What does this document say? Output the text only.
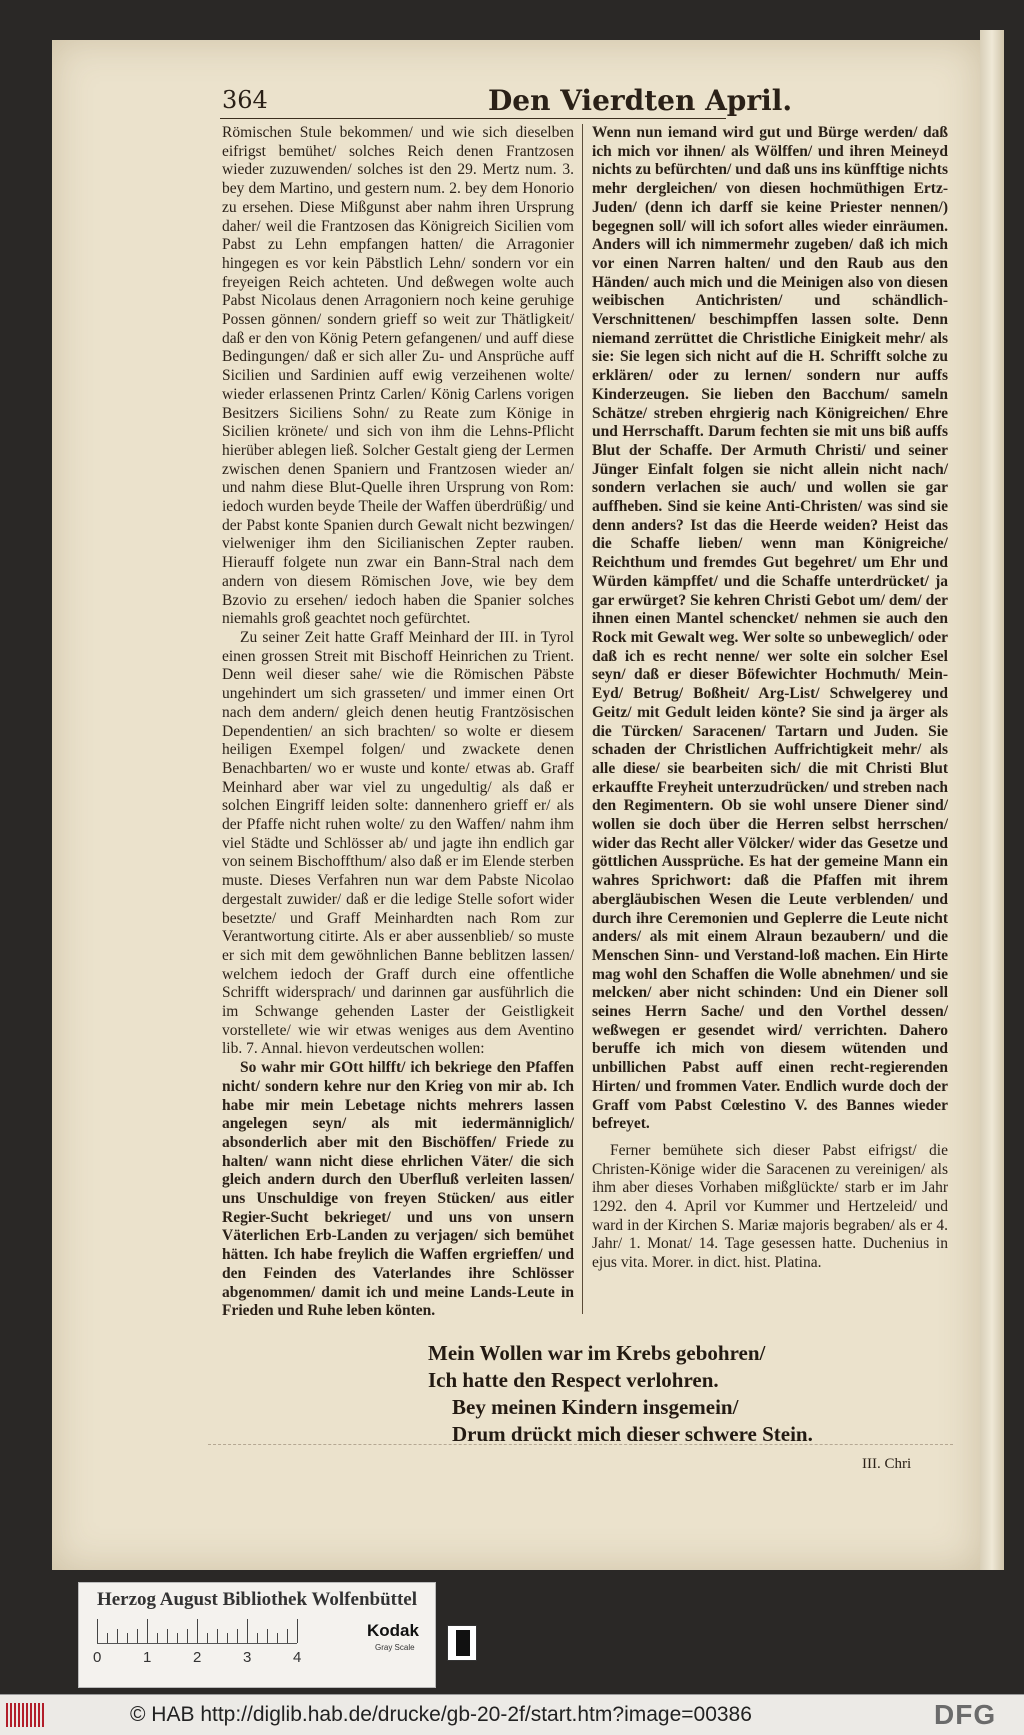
364	Den Vierdten April.

Römischen Stule bekommen/ und wie sich dieselben eifrigst bemühet/ solches Reich denen Frantzosen wieder zuzuwenden/ solches ist den 29. Mertz num. 3. bey dem Martino, und gestern num. 2. bey dem Honorio zu ersehen. Diese Mißgunst aber nahm ihren Ursprung daher/ weil die Frantzosen das Königreich Sicilien vom Pabst zu Lehn empfangen hatten/ die Arragonier hingegen es vor kein Päbstlich Lehn/ sondern vor ein freyeigen Reich achteten. Und deßwegen wolte auch Pabst Nicolaus denen Arragoniern noch keine geruhige Possen gönnen/ sondern grieff so weit zur Thätligkeit/ daß er den von König Petern gefangenen/ und auff diese Bedingungen/ daß er sich aller Zu- und Ansprüche auff Sicilien und Sardinien auff ewig verzeihenen wolte/ wieder erlassenen Printz Carlen/ König Carlens vorigen Besitzers Siciliens Sohn/ zu Reate zum Könige in Sicilien krönete/ und sich von ihm die Lehns-Pflicht hierüber ablegen ließ. Solcher Gestalt gieng der Lermen zwischen denen Spaniern und Frantzosen wieder an/ und nahm diese Blut-Quelle ihren Ursprung von Rom: iedoch wurden beyde Theile der Waffen überdrüßig/ und der Pabst konte Spanien durch Gewalt nicht bezwingen/ vielweniger ihm den Sicilianischen Zepter rauben. Hierauff folgete nun zwar ein Bann-Stral nach dem andern von diesem Römischen Jove, wie bey dem Bzovio zu ersehen/ iedoch haben die Spanier solches niemahls groß geachtet noch gefürchtet.

Zu seiner Zeit hatte Graff Meinhard der III. in Tyrol einen grossen Streit mit Bischoff Heinrichen zu Trient. Denn weil dieser sahe/ wie die Römischen Päbste ungehindert um sich grasseten/ und immer einen Ort nach dem andern/ gleich denen heutig Frantzösischen Dependentien/ an sich brachten/ so wolte er diesem heiligen Exempel folgen/ und zwackete denen Benachbarten/ wo er wuste und konte/ etwas ab. Graff Meinhard aber war viel zu ungedultig/ als daß er solchen Eingriff leiden solte: dannenhero grieff er/ als der Pfaffe nicht ruhen wolte/ zu den Waffen/ nahm ihm viel Städte und Schlösser ab/ und jagte ihn endlich gar von seinem Bischoffthum/ also daß er im Elende sterben muste. Dieses Verfahren nun war dem Pabste Nicolao dergestalt zuwider/ daß er die ledige Stelle sofort wider besetzte/ und Graff Meinhardten nach Rom zur Verantwortung citirte. Als er aber aussenblieb/ so muste er sich mit dem gewöhnlichen Banne beblitzen lassen/ welchem iedoch der Graff durch eine offentliche Schrifft widersprach/ und darinnen gar ausführlich die im Schwange gehenden Laster der Geistligkeit vorstellete/ wie wir etwas weniges aus dem Aventino lib. 7. Annal. hievon verdeutschen wollen:

So wahr mir GOtt hilfft/ ich bekriege den Pfaffen nicht/ sondern kehre nur den Krieg von mir ab. Ich habe mir mein Lebetage nichts mehrers lassen angelegen seyn/ als mit iedermänniglich/ absonderlich aber mit den Bischöffen/ Friede zu halten/ wann nicht diese ehrlichen Väter/ die sich gleich andern durch den Uberfluß verleiten lassen/ uns Unschuldige von freyen Stücken/ aus eitler Regier-Sucht bekrieget/ und uns von unsern Väterlichen Erb-Landen zu verjagen/ sich bemühet hätten. Ich habe freylich die Waffen ergrieffen/ und den Feinden des Vaterlandes ihre Schlösser abgenommen/ damit ich und meine Lands-Leute in Frieden und Ruhe leben könten.

Wenn nun iemand wird gut und Bürge werden/ daß ich mich vor ihnen/ als Wölffen/ und ihren Meineyd nichts zu befürchten/ und daß uns ins künfftige nichts mehr dergleichen/ von diesen hochmüthigen Ertz-Juden/ (denn ich darff sie keine Priester nennen/) begegnen soll/ will ich sofort alles wieder einräumen. Anders will ich nimmermehr zugeben/ daß ich mich vor einen Narren halten/ und den Raub aus den Händen/ auch mich und die Meinigen also von diesen weibischen Antichristen/ und schändlich-Verschnittenen/ beschimpffen lassen solte. Denn niemand zerrüttet die Christliche Einigkeit mehr/ als sie: Sie legen sich nicht auf die H. Schrifft solche zu erklären/ oder zu lernen/ sondern nur auffs Kinderzeugen. Sie lieben den Bacchum/ sameln Schätze/ streben ehrgierig nach Königreichen/ Ehre und Herrschafft. Darum fechten sie mit uns biß auffs Blut der Schaffe. Der Armuth Christi/ und seiner Jünger Einfalt folgen sie nicht allein nicht nach/ sondern verlachen sie auch/ und wollen sie gar auffheben. Sind sie keine Anti-Christen/ was sind sie denn anders? Ist das die Heerde weiden? Heist das die Schaffe lieben/ wenn man Königreiche/ Reichthum und fremdes Gut begehret/ um Ehr und Würden kämpffet/ und die Schaffe unterdrücket/ ja gar erwürget? Sie kehren Christi Gebot um/ dem/ der ihnen einen Mantel schencket/ nehmen sie auch den Rock mit Gewalt weg. Wer solte so unbeweglich/ oder daß ich es recht nenne/ wer solte ein solcher Esel seyn/ daß er dieser Böfewichter Hochmuth/ Mein-Eyd/ Betrug/ Boßheit/ Arg-List/ Schwelgerey und Geitz/ mit Gedult leiden könte? Sie sind ja ärger als die Türcken/ Saracenen/ Tartarn und Juden. Sie schaden der Christlichen Auffrichtigkeit mehr/ als alle diese/ sie bearbeiten sich/ die mit Christi Blut erkauffte Freyheit unterzudrücken/ und streben nach den Regimentern. Ob sie wohl unsere Diener sind/ wollen sie doch über die Herren selbst herrschen/ wider das Recht aller Völcker/ wider das Gesetze und göttlichen Aussprüche. Es hat der gemeine Mann ein wahres Sprichwort: daß die Pfaffen mit ihrem abergläubischen Wesen die Leute verblenden/ und durch ihre Ceremonien und Geplerre die Leute nicht anders/ als mit einem Alraun bezaubern/ und die Menschen Sinn- und Verstand-loß machen. Ein Hirte mag wohl den Schaffen die Wolle abnehmen/ und sie melcken/ aber nicht schinden: Und ein Diener soll seines Herrn Sache/ und den Vorthel dessen/ weßwegen er gesendet wird/ verrichten. Dahero beruffe ich mich von diesem wütenden und unbillichen Pabst auff einen recht-regierenden Hirten/ und frommen Vater. Endlich wurde doch der Graff vom Pabst Cœlestino V. des Bannes wieder befreyet.

Ferner bemühete sich dieser Pabst eifrigst/ die Christen-Könige wider die Saracenen zu vereinigen/ als ihm aber dieses Vorhaben mißglückte/ starb er im Jahr 1292. den 4. April vor Kummer und Hertzeleid/ und ward in der Kirchen S. Mariæ majoris begraben/ als er 4. Jahr/ 1. Monat/ 14. Tage gesessen hatte. Duchenius in ejus vita. Morer. in dict. hist. Platina.

Mein Wollen war im Krebs gebohren/
Ich hatte den Respect verlohren.
Bey meinen Kindern insgemein/
Drum drückt mich dieser schwere Stein.
III. Chri
Herzog August Bibliothek Wolfenbüttel
0	1	2	3	4
Kodak
Gray Scale
© HAB http://diglib.hab.de/drucke/gb-20-2f/start.htm?image=00386	DFG
